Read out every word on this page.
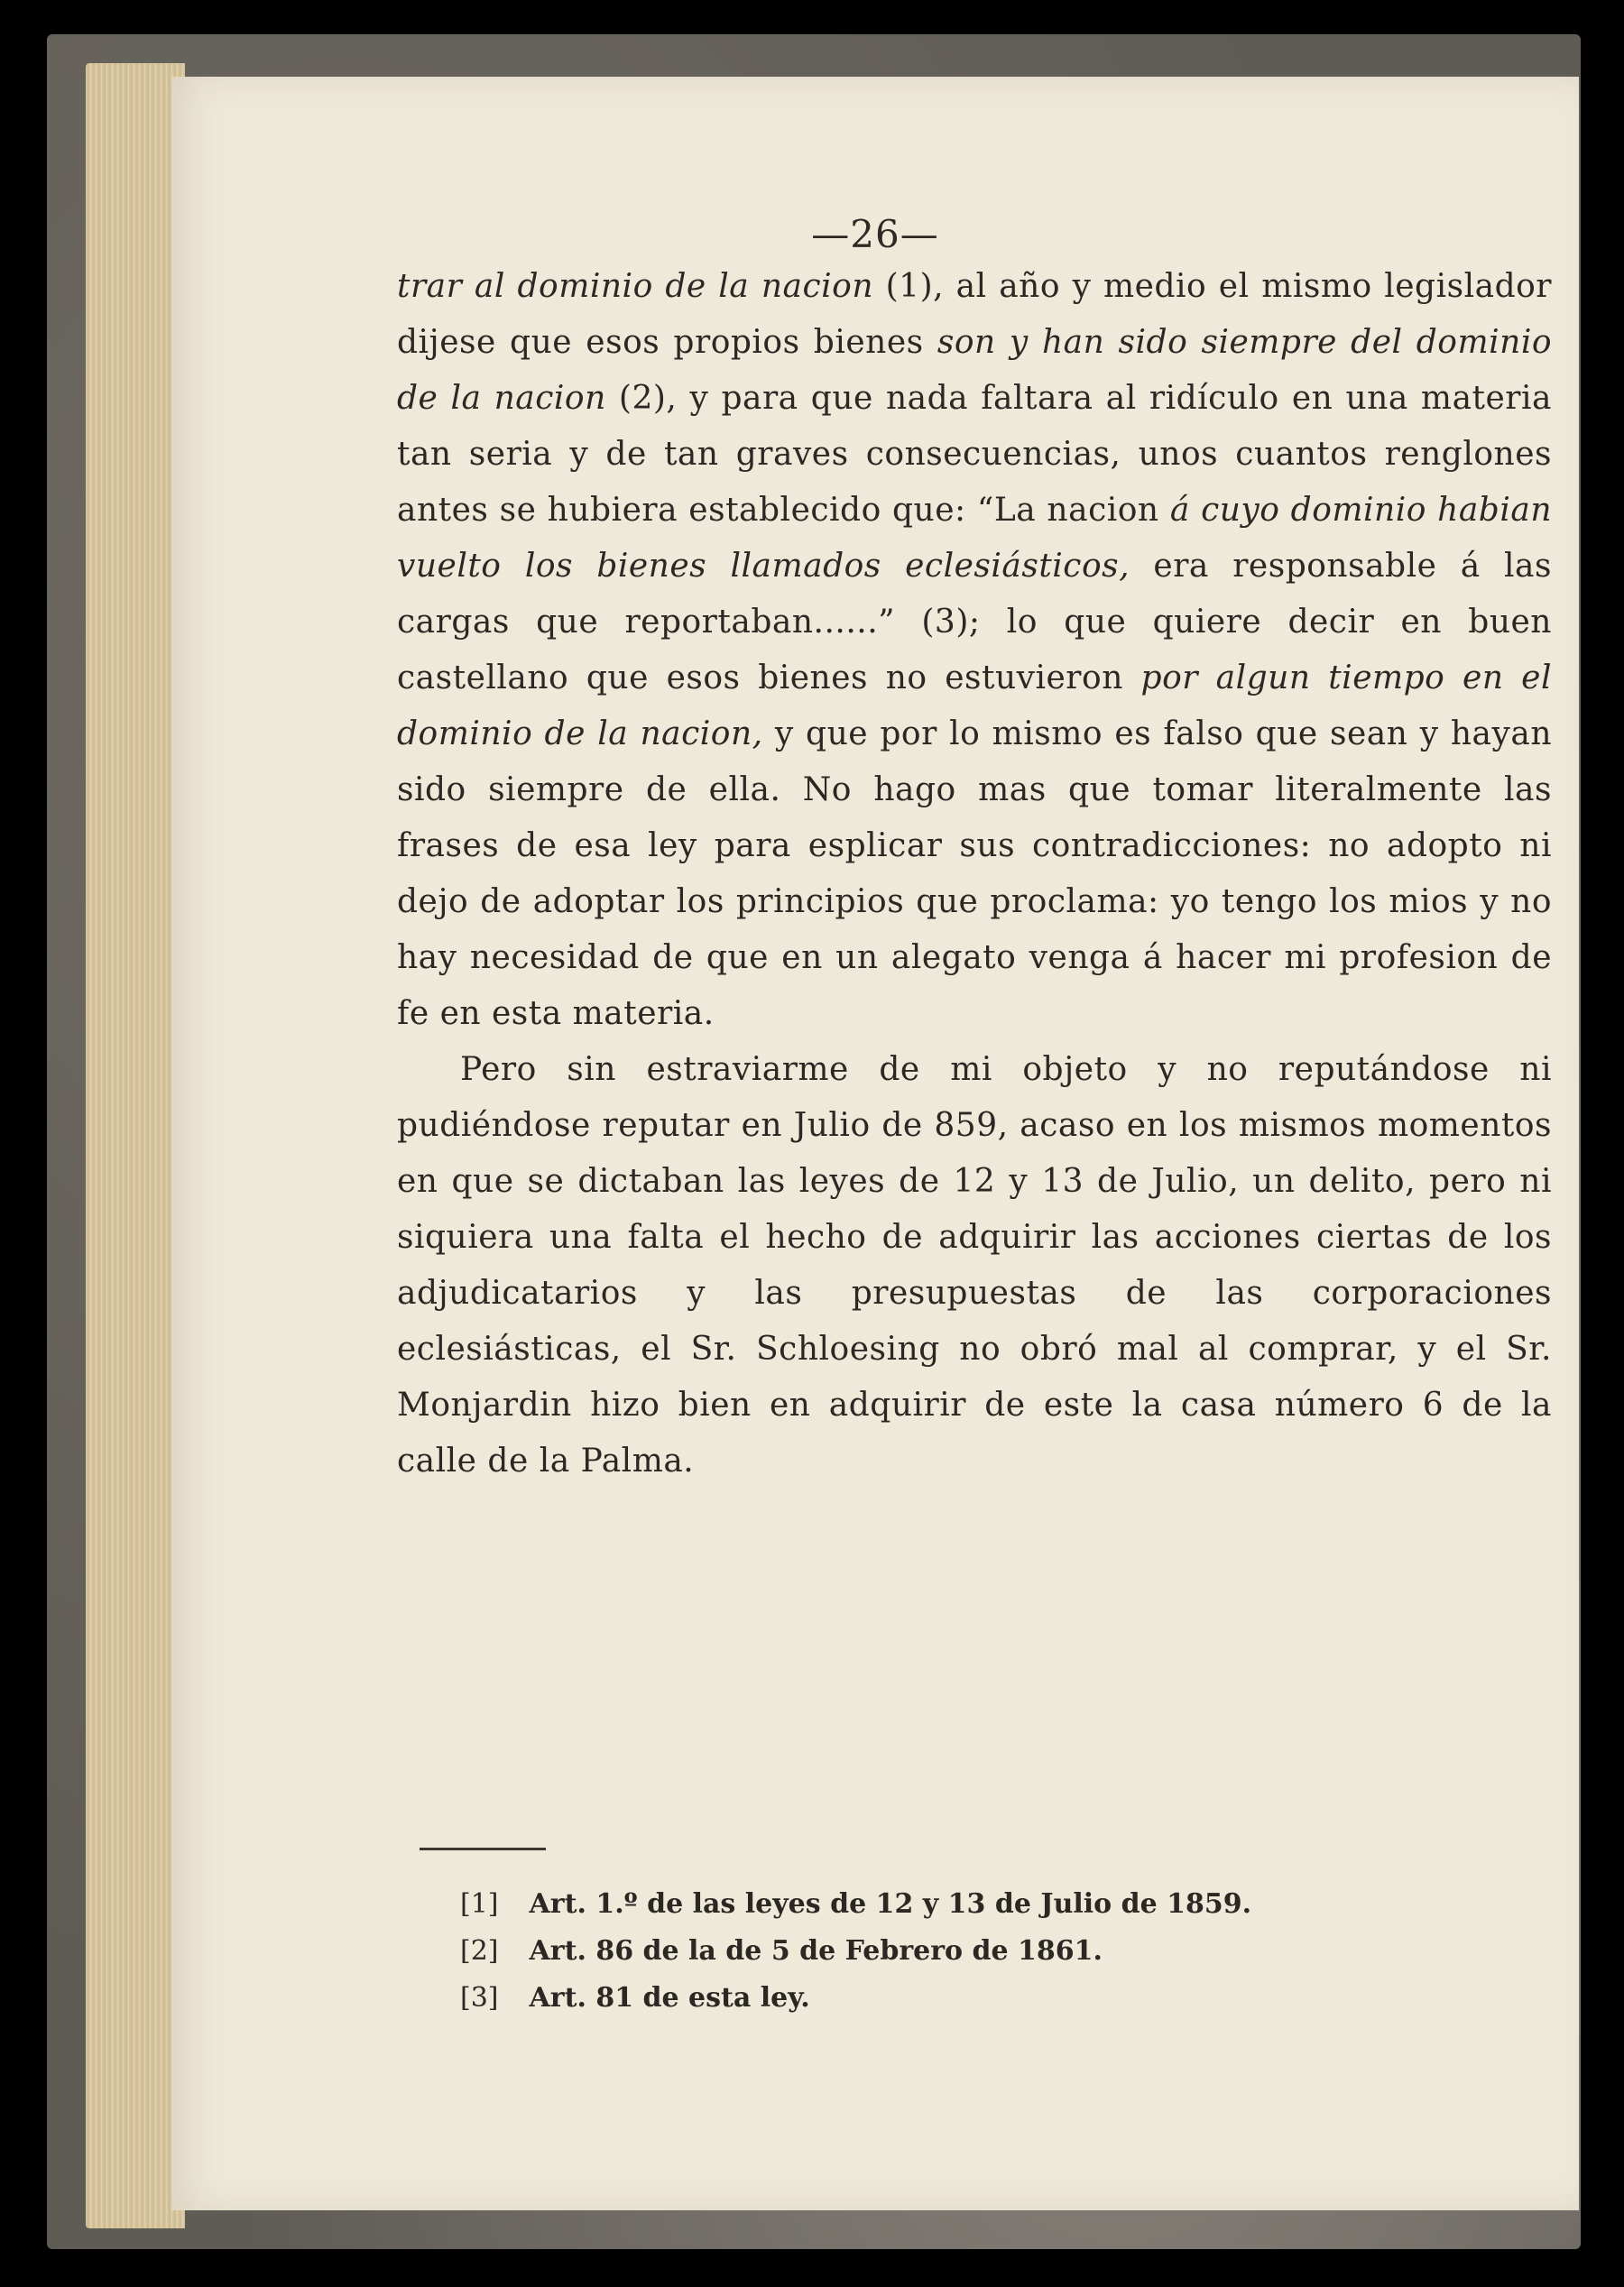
—26—

trar al dominio de la nacion (1), al año y medio el mismo legislador dijese que esos propios bienes son y han sido siempre del dominio de la nacion (2), y para que nada faltara al ridículo en una materia tan seria y de tan graves consecuencias, unos cuantos renglones antes se hubiera establecido que: “La nacion á cuyo dominio habian vuelto los bienes llamados eclesiásticos, era responsable á las cargas que reportaban......” (3); lo que quiere decir en buen castellano que esos bienes no estuvieron por algun tiempo en el dominio de la nacion, y que por lo mismo es falso que sean y hayan sido siempre de ella. No hago mas que tomar literalmente las frases de esa ley para esplicar sus contradicciones: no adopto ni dejo de adoptar los principios que proclama: yo tengo los mios y no hay necesidad de que en un alegato venga á hacer mi profesion de fe en esta materia.

Pero sin estraviarme de mi objeto y no reputándose ni pudiéndose reputar en Julio de 859, acaso en los mismos momentos en que se dictaban las leyes de 12 y 13 de Julio, un delito, pero ni siquiera una falta el hecho de adquirir las acciones ciertas de los adjudicatarios y las presupuestas de las corporaciones eclesiásticas, el Sr. Schloesing no obró mal al comprar, y el Sr. Monjardin hizo bien en adquirir de este la casa número 6 de la calle de la Palma.

[1] Art. 1.º de las leyes de 12 y 13 de Julio de 1859.
[2] Art. 86 de la de 5 de Febrero de 1861.
[3] Art. 81 de esta ley.
